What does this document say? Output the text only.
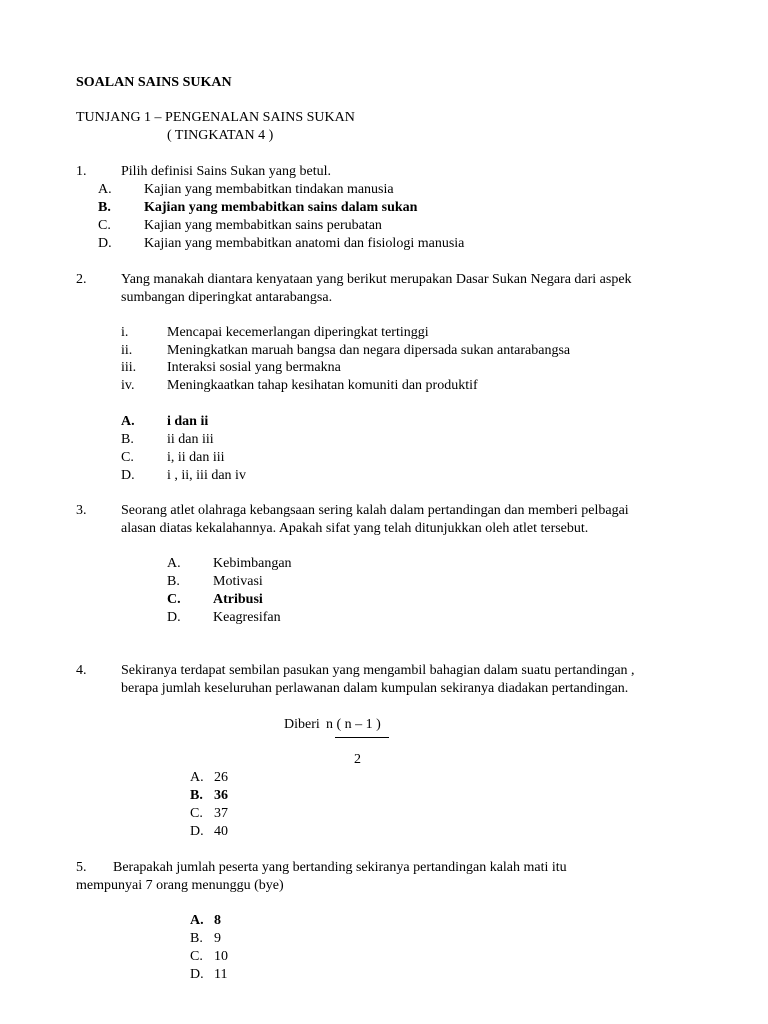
SOALAN SAINS SUKAN
TUNJANG 1 – PENGENALAN SAINS SUKAN
( TINGKATAN 4 )
1. Pilih definisi Sains Sukan yang betul.
A. Kajian yang membabitkan tindakan manusia
B. Kajian yang membabitkan sains dalam sukan
C. Kajian yang membabitkan sains perubatan
D. Kajian yang membabitkan anatomi dan fisiologi manusia
2. Yang manakah diantara kenyataan yang berikut merupakan Dasar Sukan Negara dari aspek
sumbangan diperingkat antarabangsa.
i.	Mencapai kecemerlangan diperingkat tertinggi
ii. Meningkatkan maruah bangsa dan negara dipersada sukan antarabangsa
iii. Interaksi sosial yang bermakna
iv. Meningkaatkan tahap kesihatan komuniti dan produktif
A. i dan ii
B. ii dan iii
C. i, ii dan iii
D. i , ii, iii dan iv
3. Seorang atlet olahraga kebangsaan sering kalah dalam pertandingan dan memberi pelbagai
alasan diatas kekalahannya. Apakah sifat yang telah ditunjukkan oleh atlet tersebut.
A. Kebimbangan
B. Motivasi
C. Atribusi
D. Keagresifan
4. Sekiranya terdapat sembilan pasukan yang mengambil bahagian dalam suatu pertandingan ,
berapa jumlah keseluruhan perlawanan dalam kumpulan sekiranya diadakan pertandingan.
Diberi n ( n – 1 )
2
A. 26
B. 36
C. 37
D. 40
5. Berapakah jumlah peserta yang bertanding sekiranya pertandingan kalah mati itu
mempunyai 7 orang menunggu (bye)
A. 8
B. 9
C. 10
D. 11
